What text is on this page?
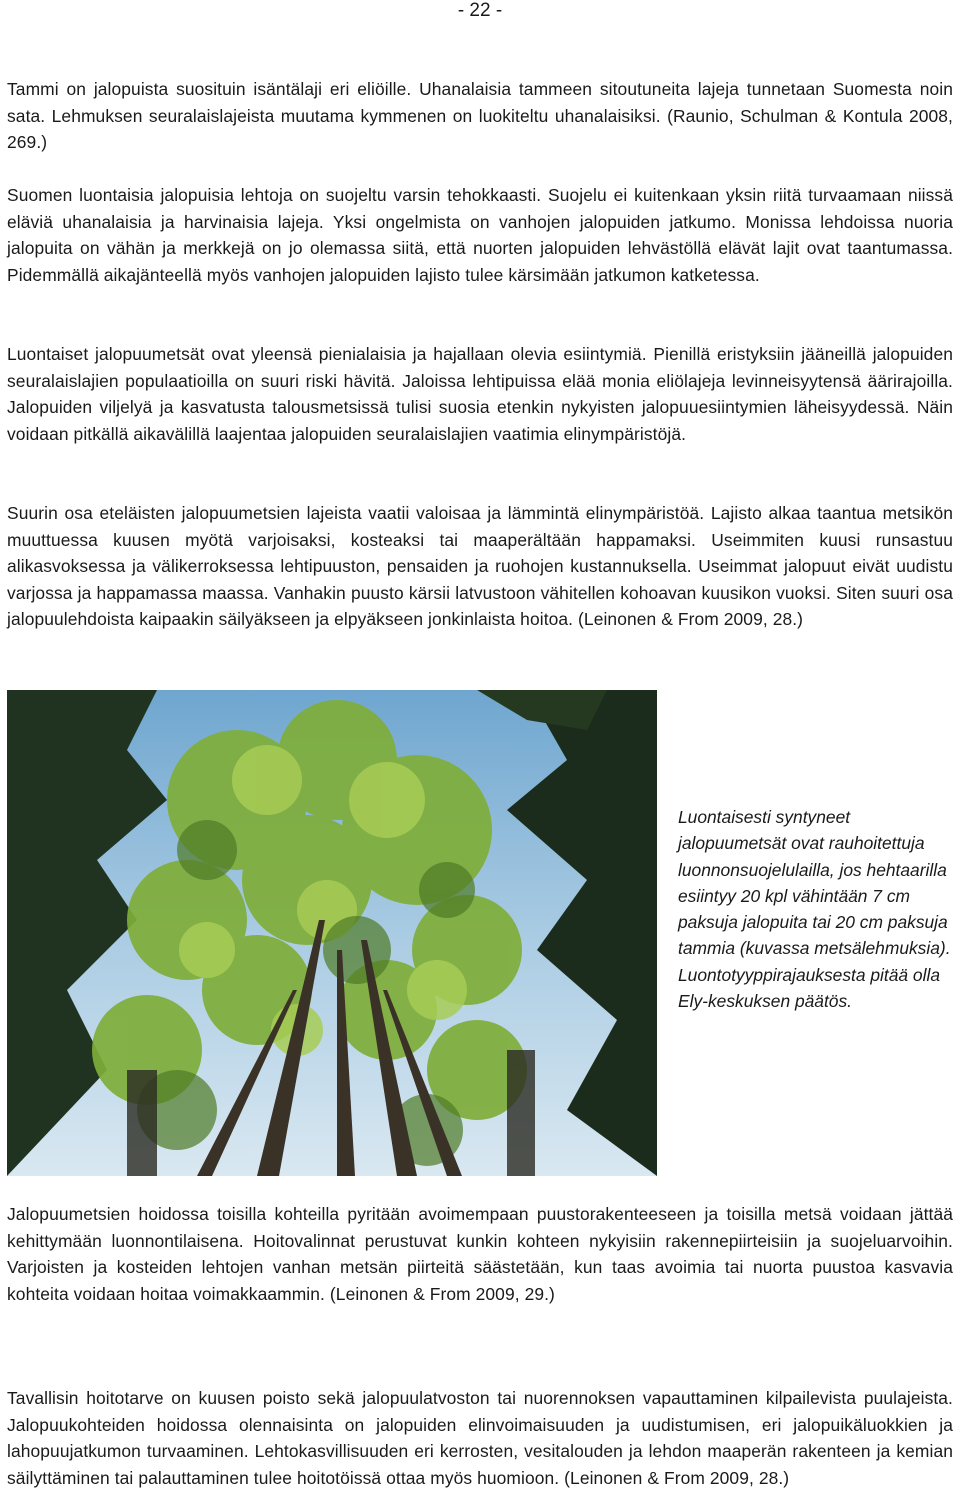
- 22 -

Tammi on jalopuista suosituin isäntälaji eri eliöille. Uhanalaisia tammeen sitoutuneita lajeja tunnetaan Suomesta noin sata. Lehmuksen seuralaislajeista muutama kymmenen on luokiteltu uhanalaisiksi. (Raunio, Schulman & Kontula 2008, 269.)

Suomen luontaisia jalopuisia lehtoja on suojeltu varsin tehokkaasti. Suojelu ei kuitenkaan yksin riitä turvaamaan niissä eläviä uhanalaisia ja harvinaisia lajeja. Yksi ongelmista on vanhojen jalopuiden jatkumo. Monissa lehdoissa nuoria jalopuita on vähän ja merkkejä on jo olemassa siitä, että nuorten jalopuiden lehvästöllä elävät lajit ovat taantumassa. Pidemmällä aikajänteellä myös vanhojen jalopuiden lajisto tulee kärsimään jatkumon katketessa.

Luontaiset jalopuumetsät ovat yleensä pienialaisia ja hajallaan olevia esiintymiä. Pienillä eristyksiin jääneillä jalopuiden seuralaislajien populaatioilla on suuri riski hävitä. Jaloissa lehtipuissa elää monia eliölajeja levinneisyytensä äärirajoilla. Jalopuiden viljelyä ja kasvatusta talousmetsissä tulisi suosia etenkin nykyisten jalopuuesiintymien läheisyydessä. Näin voidaan pitkällä aikavälillä laajentaa jalopuiden seuralaislajien vaatimia elinympäristöjä.

Suurin osa eteläisten jalopuumetsien lajeista vaatii valoisaa ja lämmintä elinympäristöä. Lajisto alkaa taantua metsikön muuttuessa kuusen myötä varjoisaksi, kosteaksi tai maaperältään happamaksi. Useimmiten kuusi runsastuu alikasvoksessa ja välikerroksessa lehtipuuston, pensaiden ja ruohojen kustannuksella. Useimmat jalopuut eivät uudistu varjossa ja happamassa maassa. Vanhakin puusto kärsii latvustoon vähitellen kohoavan kuusikon vuoksi. Siten suuri osa jalopuulehdoista kaipaakin säilyäkseen ja elpyäkseen jonkinlaista hoitoa. (Leinonen & From 2009, 28.)

Luontaisesti syntyneet jalopuumetsät ovat rauhoitettuja luonnonsuojelulailla, jos hehtaarilla esiintyy 20 kpl vähintään 7 cm paksuja jalopuita tai 20 cm paksuja tammia (kuvassa metsälehmuksia). Luontotyyppirajauksesta pitää olla Ely-keskuksen päätös.

Jalopuumetsien hoidossa toisilla kohteilla pyritään avoimempaan puustorakenteeseen ja toisilla metsä voidaan jättää kehittymään luonnontilaisena. Hoitovalinnat perustuvat kunkin kohteen nykyisiin rakennepiirteisiin ja suojeluarvoihin. Varjoisten ja kosteiden lehtojen vanhan metsän piirteitä säästetään, kun taas avoimia tai nuorta puustoa kasvavia kohteita voidaan hoitaa voimakkaammin. (Leinonen & From 2009, 29.)

Tavallisin hoitotarve on kuusen poisto sekä jalopuulatvoston tai nuorennoksen vapauttaminen kilpailevista puulajeista. Jalopuukohteiden hoidossa olennaisinta on jalopuiden elinvoimaisuuden ja uudistumisen, eri jalopuikäluokkien ja lahopuujatkumon turvaaminen. Lehtokasvillisuuden eri kerrosten, vesitalouden ja lehdon maaperän rakenteen ja kemian säilyttäminen tai palauttaminen tulee hoitotöissä ottaa myös huomioon. (Leinonen & From 2009, 28.)
